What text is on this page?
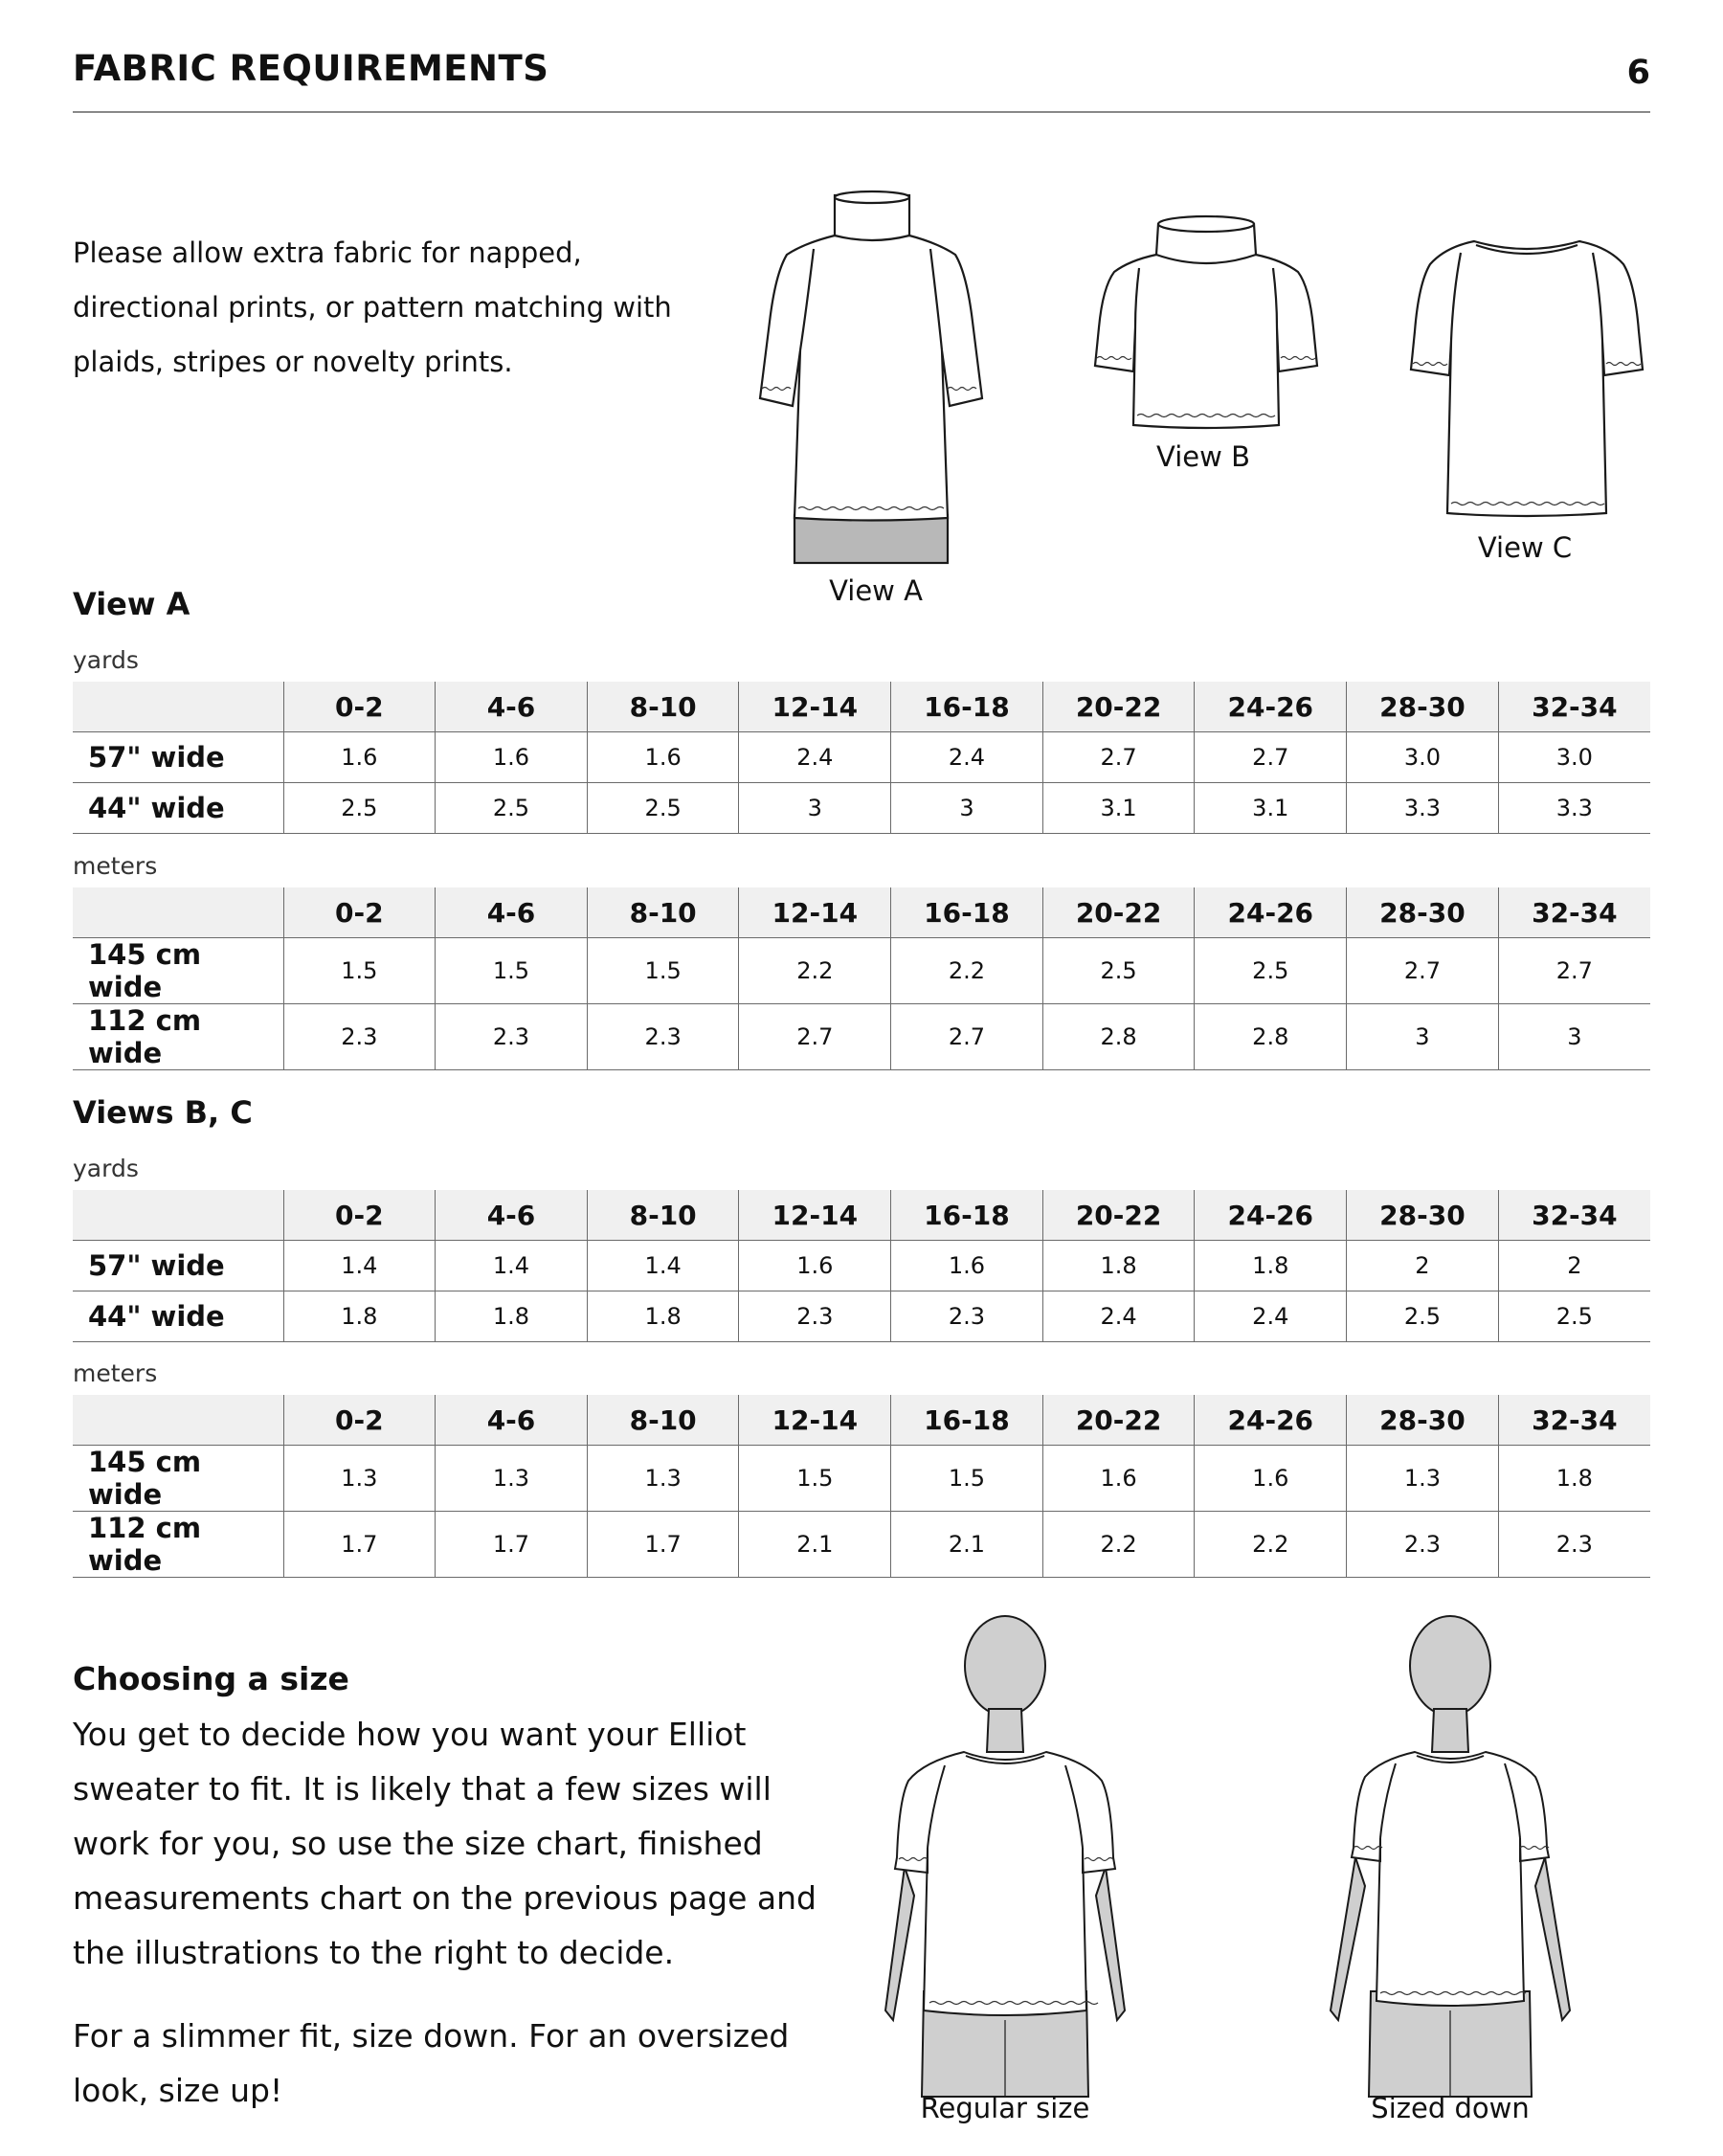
FABRIC REQUIREMENTS	6
Please allow extra fabric for napped, directional prints, or pattern matching with plaids, stripes or novelty prints.
View A
View B
View C
View A
yards
	0-2	4-6	8-10	12-14	16-18	20-22	24-26	28-30	32-34
57" wide	1.6	1.6	1.6	2.4	2.4	2.7	2.7	3.0	3.0
44" wide	2.5	2.5	2.5	3	3	3.1	3.1	3.3	3.3
meters
	0-2	4-6	8-10	12-14	16-18	20-22	24-26	28-30	32-34
145 cm wide	1.5	1.5	1.5	2.2	2.2	2.5	2.5	2.7	2.7
112 cm wide	2.3	2.3	2.3	2.7	2.7	2.8	2.8	3	3
Views B, C
yards
	0-2	4-6	8-10	12-14	16-18	20-22	24-26	28-30	32-34
57" wide	1.4	1.4	1.4	1.6	1.6	1.8	1.8	2	2
44" wide	1.8	1.8	1.8	2.3	2.3	2.4	2.4	2.5	2.5
meters
	0-2	4-6	8-10	12-14	16-18	20-22	24-26	28-30	32-34
145 cm wide	1.3	1.3	1.3	1.5	1.5	1.6	1.6	1.3	1.8
112 cm wide	1.7	1.7	1.7	2.1	2.1	2.2	2.2	2.3	2.3
Choosing a size
You get to decide how you want your Elliot sweater to fit. It is likely that a few sizes will work for you, so use the size chart, finished measurements chart on the previous page and the illustrations to the right to decide.
For a slimmer fit, size down. For an oversized look, size up!	Regular size	Sized down
